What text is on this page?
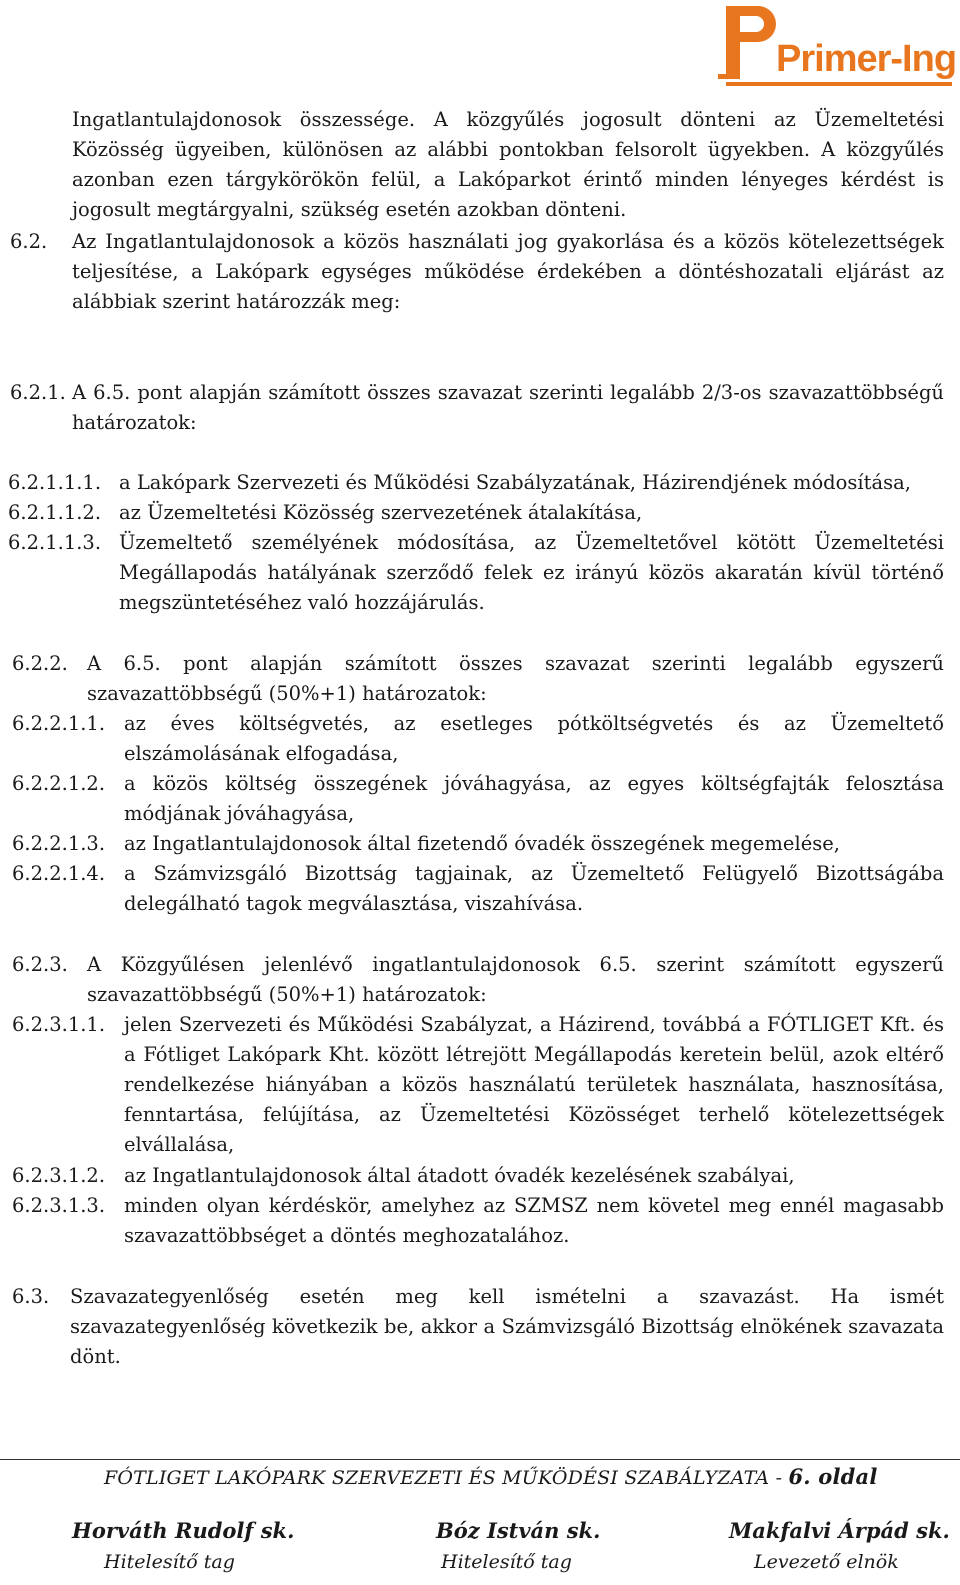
Primer-Ing
Ingatlantulajdonosok összessége. A közgyűlés jogosult dönteni az Üzemeltetési Közösség ügyeiben, különösen az alábbi pontokban felsorolt ügyekben. A közgyűlés azonban ezen tárgykörökön felül, a Lakóparkot érintő minden lényeges kérdést is jogosult megtárgyalni, szükség esetén azokban dönteni.
6.2. Az Ingatlantulajdonosok a közös használati jog gyakorlása és a közös kötelezettségek teljesítése, a Lakópark egységes működése érdekében a döntéshozatali eljárást az alábbiak szerint határozzák meg:
6.2.1. A 6.5. pont alapján számított összes szavazat szerinti legalább 2/3-os szavazattöbbségű határozatok:
6.2.1.1.1. a Lakópark Szervezeti és Működési Szabályzatának, Házirendjének módosítása,
6.2.1.1.2. az Üzemeltetési Közösség szervezetének átalakítása,
6.2.1.1.3. Üzemeltető személyének módosítása, az Üzemeltetővel kötött Üzemeltetési Megállapodás hatályának szerződő felek ez irányú közös akaratán kívül történő megszüntetéséhez való hozzájárulás.
6.2.2. A 6.5. pont alapján számított összes szavazat szerinti legalább egyszerű szavazattöbbségű (50%+1) határozatok:
6.2.2.1.1. az éves költségvetés, az esetleges pótköltségvetés és az Üzemeltető elszámolásának elfogadása,
6.2.2.1.2. a közös költség összegének jóváhagyása, az egyes költségfajták felosztása módjának jóváhagyása,
6.2.2.1.3. az Ingatlantulajdonosok által fizetendő óvadék összegének megemelése,
6.2.2.1.4. a Számvizsgáló Bizottság tagjainak, az Üzemeltető Felügyelő Bizottságába delegálható tagok megválasztása, viszahívása.
6.2.3. A Közgyűlésen jelenlévő ingatlantulajdonosok 6.5. szerint számított egyszerű szavazattöbbségű (50%+1) határozatok:
6.2.3.1.1. jelen Szervezeti és Működési Szabályzat, a Házirend, továbbá a FÓTLIGET Kft. és a Fótliget Lakópark Kht. között létrejött Megállapodás keretein belül, azok eltérő rendelkezése hiányában a közös használatú területek használata, hasznosítása, fenntartása, felújítása, az Üzemeltetési Közösséget terhelő kötelezettségek elvállalása,
6.2.3.1.2. az Ingatlantulajdonosok által átadott óvadék kezelésének szabályai,
6.2.3.1.3. minden olyan kérdéskör, amelyhez az SZMSZ nem követel meg ennél magasabb szavazattöbbséget a döntés meghozatalához.
6.3. Szavazategyenlőség esetén meg kell ismételni a szavazást. Ha ismét szavazategyenlőség következik be, akkor a Számvizsgáló Bizottság elnökének szavazata dönt.
FÓTLIGET LAKÓPARK SZERVEZETI ÉS MŰKÖDÉSI SZABÁLYZATA - 6. oldal
Horváth Rudolf sk.
Hitelesítő tag
Bóz István sk.
Hitelesítő tag
Makfalvi Árpád sk.
Levezető elnök
